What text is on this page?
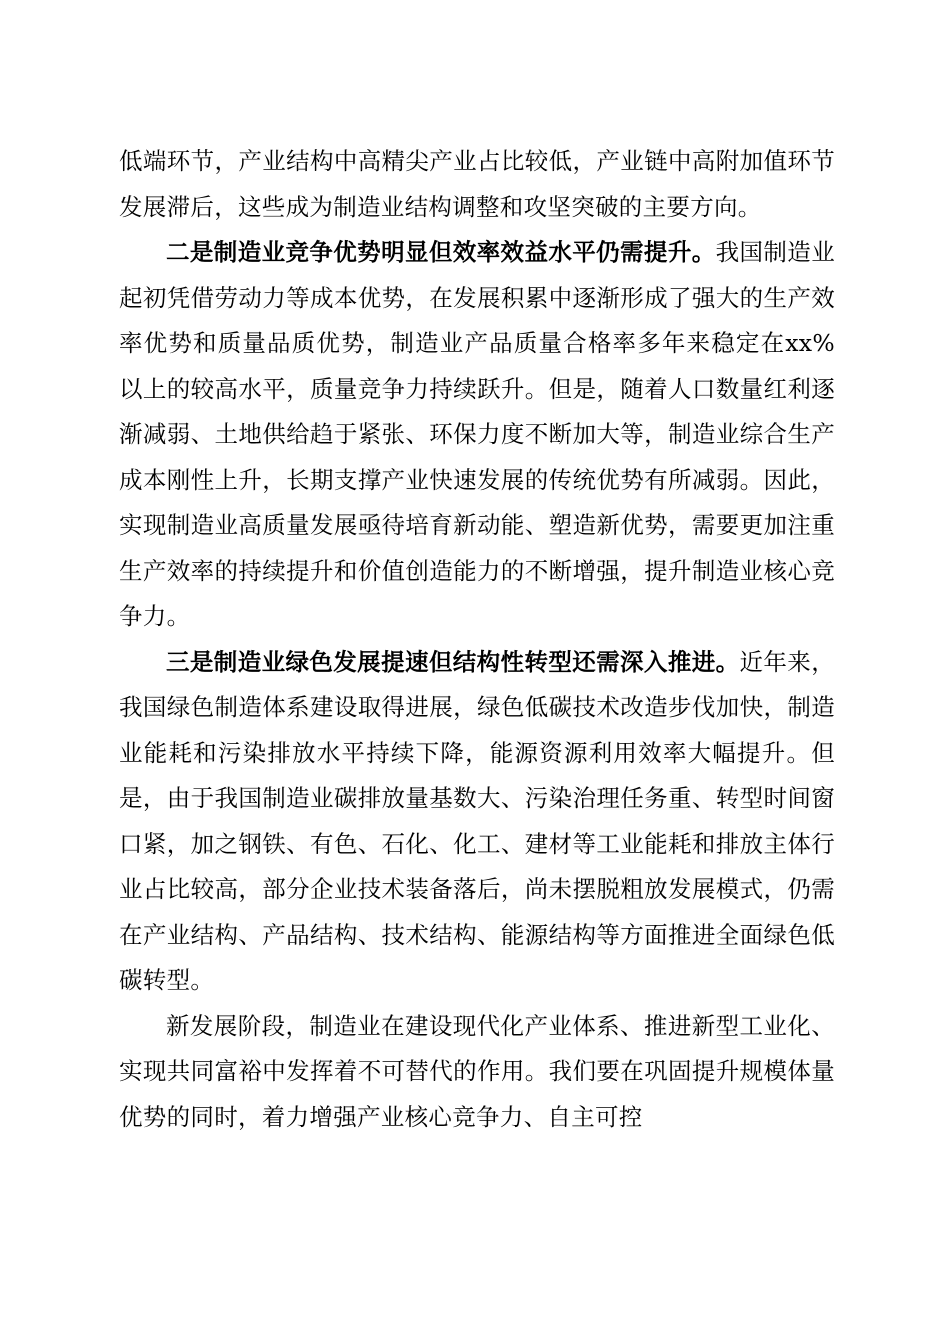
低端环节，产业结构中高精尖产业占比较低，产业链中高附加值环节发展滞后，这些成为制造业结构调整和攻坚突破的主要方向。

二是制造业竞争优势明显但效率效益水平仍需提升。我国制造业起初凭借劳动力等成本优势，在发展积累中逐渐形成了强大的生产效率优势和质量品质优势，制造业产品质量合格率多年来稳定在xx%以上的较高水平，质量竞争力持续跃升。但是，随着人口数量红利逐渐减弱、土地供给趋于紧张、环保力度不断加大等，制造业综合生产成本刚性上升，长期支撑产业快速发展的传统优势有所减弱。因此，实现制造业高质量发展亟待培育新动能、塑造新优势，需要更加注重生产效率的持续提升和价值创造能力的不断增强，提升制造业核心竞争力。

三是制造业绿色发展提速但结构性转型还需深入推进。近年来，我国绿色制造体系建设取得进展，绿色低碳技术改造步伐加快，制造业能耗和污染排放水平持续下降，能源资源利用效率大幅提升。但是，由于我国制造业碳排放量基数大、污染治理任务重、转型时间窗口紧，加之钢铁、有色、石化、化工、建材等工业能耗和排放主体行业占比较高，部分企业技术装备落后，尚未摆脱粗放发展模式，仍需在产业结构、产品结构、技术结构、能源结构等方面推进全面绿色低碳转型。

新发展阶段，制造业在建设现代化产业体系、推进新型工业化、实现共同富裕中发挥着不可替代的作用。我们要在巩固提升规模体量优势的同时，着力增强产业核心竞争力、自主可控
